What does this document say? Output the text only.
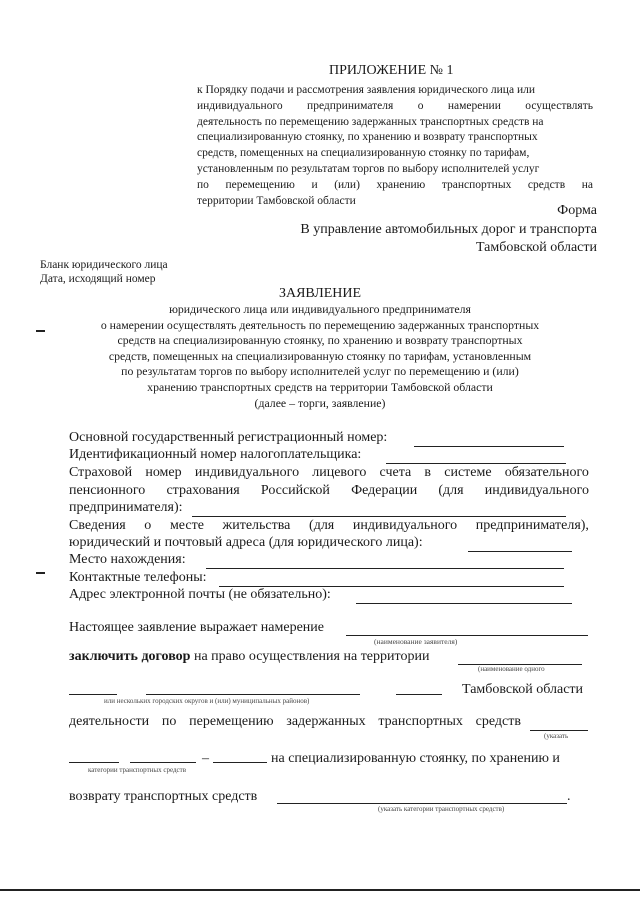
ПРИЛОЖЕНИЕ № 1
к Порядку подачи и рассмотрения заявления юридического лица или
индивидуального предпринимателя о намерении осуществлять
деятельность по перемещению задержанных транспортных средств на
специализированную стоянку, по хранению и возврату транспортных
средств, помещенных на специализированную стоянку по тарифам,
установленным по результатам торгов по выбору исполнителей услуг
по перемещению и (или) хранению транспортных средств на
территории Тамбовской области
Форма
В управление автомобильных дорог и транспорта
Тамбовской области
Бланк юридического лица
Дата, исходящий номер
ЗАЯВЛЕНИЕ
юридического лица или индивидуального предпринимателя
о намерении осуществлять деятельность по перемещению задержанных транспортных
средств на специализированную стоянку, по хранению и возврату транспортных
средств, помещенных на специализированную стоянку по тарифам, установленным
по результатам торгов по выбору исполнителей услуг по перемещению и (или)
хранению транспортных средств на территории Тамбовской области
(далее – торги, заявление)
Основной государственный регистрационный номер:
Идентификационный номер налогоплательщика:
Страховой номер индивидуального лицевого счета в системе обязательного
пенсионного страхования Российской Федерации (для индивидуального
предпринимателя):
Сведения о месте жительства (для индивидуального предпринимателя),
юридический и почтовый адреса (для юридического лица):
Место нахождения:
Контактные телефоны:
Адрес электронной почты (не обязательно):
Настоящее заявление выражает намерение
(наименование заявителя)
заключить договор на право осуществления на территории
(наименование одного
Тамбовской области
или нескольких городских округов и (или) муниципальных районов)
деятельности по перемещению задержанных транспортных средств
(указать
–	на специализированную стоянку, по хранению и
категории транспортных средств
возврату транспортных средств	.
(указать категории транспортных средств)
